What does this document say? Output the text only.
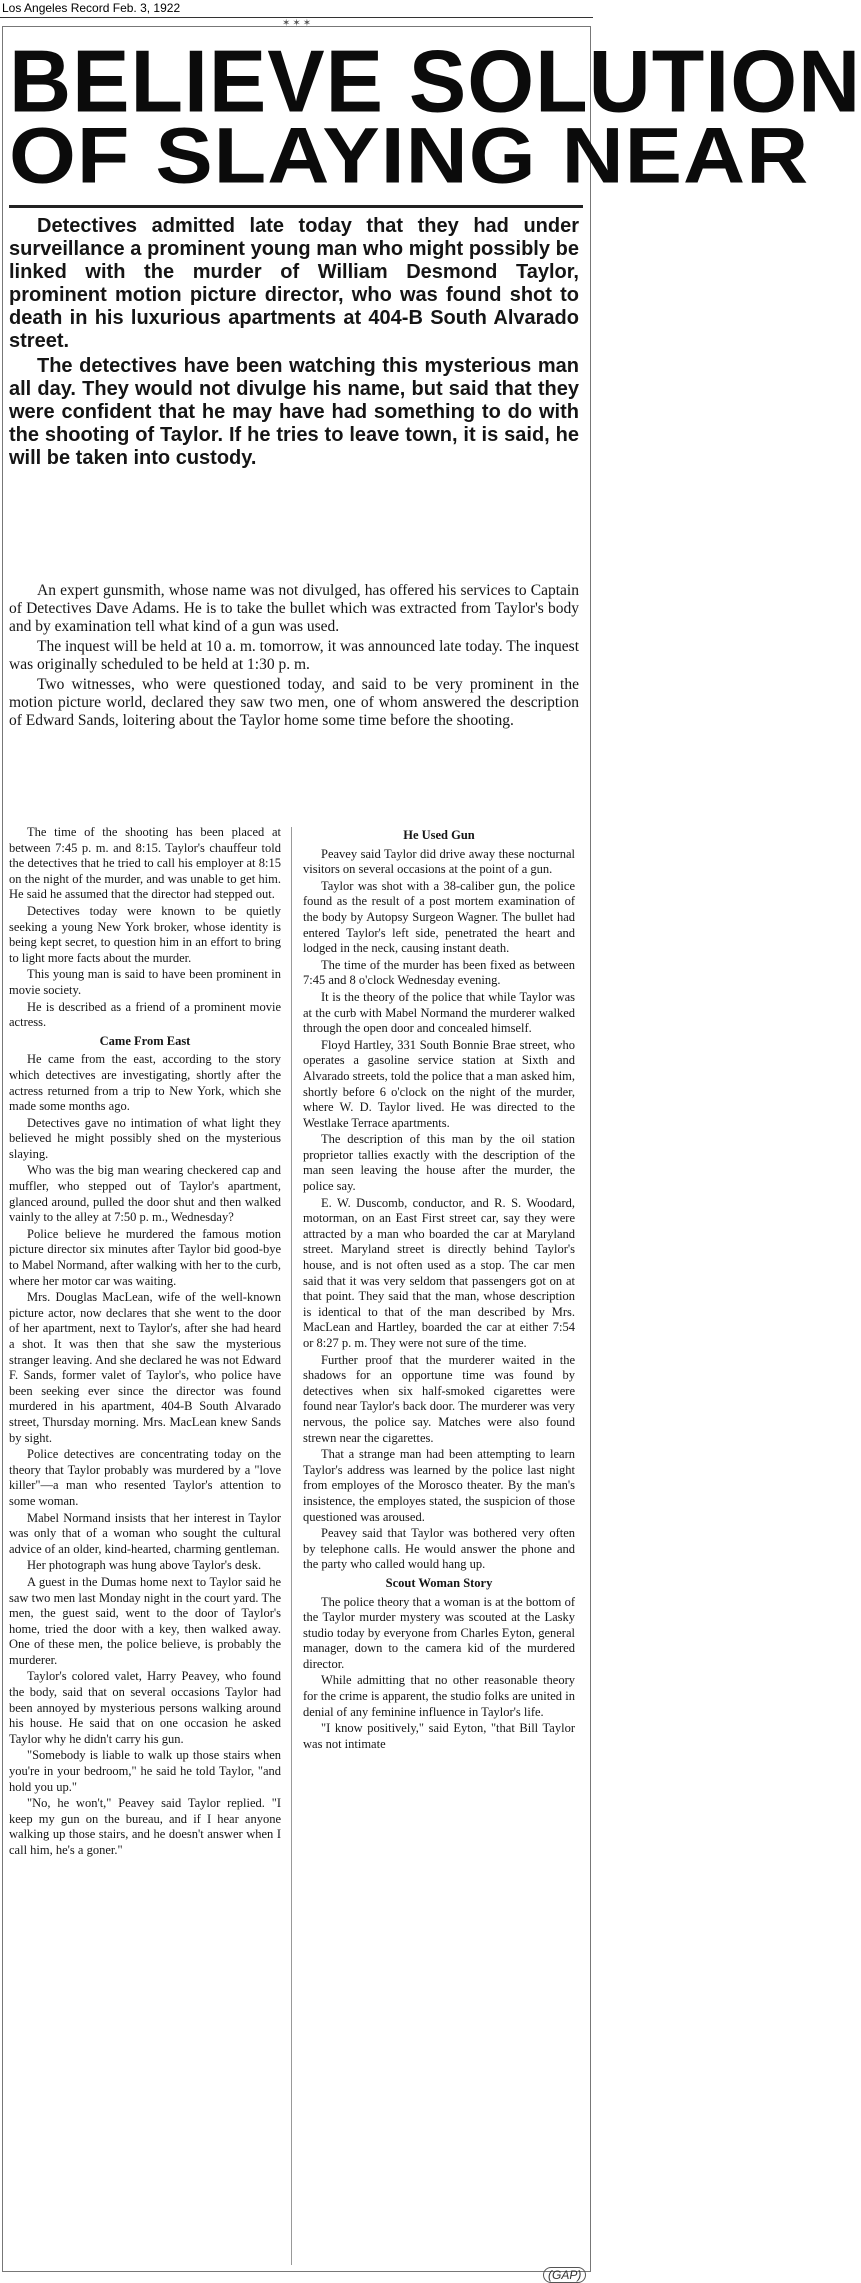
Los Angeles Record Feb. 3, 1922
✶✶✶
BELIEVE SOLUTION
OF SLAYING NEAR

Detectives admitted late today that they had under surveillance a prominent young man who might possibly be linked with the murder of William Desmond Taylor, prominent motion picture director, who was found shot to death in his luxurious apartments at 404-B South Alvarado street.

The detectives have been watching this mysterious man all day. They would not divulge his name, but said that they were confident that he may have had something to do with the shooting of Taylor. If he tries to leave town, it is said, he will be taken into custody.

An expert gunsmith, whose name was not divulged, has offered his services to Captain of Detectives Dave Adams. He is to take the bullet which was extracted from Taylor's body and by examination tell what kind of a gun was used.

The inquest will be held at 10 a. m. tomorrow, it was announced late today. The inquest was originally scheduled to be held at 1:30 p. m.

Two witnesses, who were questioned today, and said to be very prominent in the motion picture world, declared they saw two men, one of whom answered the description of Edward Sands, loitering about the Taylor home some time before the shooting.

The time of the shooting has been placed at between 7:45 p. m. and 8:15. Taylor's chauffeur told the detectives that he tried to call his employer at 8:15 on the night of the murder, and was unable to get him. He said he assumed that the director had stepped out.

Detectives today were known to be quietly seeking a young New York broker, whose identity is being kept secret, to question him in an effort to bring to light more facts about the murder.

This young man is said to have been prominent in movie society.

He is described as a friend of a prominent movie actress.

Came From East

He came from the east, according to the story which detectives are investigating, shortly after the actress returned from a trip to New York, which she made some months ago.

Detectives gave no intimation of what light they believed he might possibly shed on the mysterious slaying.

Who was the big man wearing checkered cap and muffler, who stepped out of Taylor's apartment, glanced around, pulled the door shut and then walked vainly to the alley at 7:50 p. m., Wednesday?

Police believe he murdered the famous motion picture director six minutes after Taylor bid good-bye to Mabel Normand, after walking with her to the curb, where her motor car was waiting.

Mrs. Douglas MacLean, wife of the well-known picture actor, now declares that she went to the door of her apartment, next to Taylor's, after she had heard a shot. It was then that she saw the mysterious stranger leaving. And she declared he was not Edward F. Sands, former valet of Taylor's, who police have been seeking ever since the director was found murdered in his apartment, 404-B South Alvarado street, Thursday morning. Mrs. MacLean knew Sands by sight.

Police detectives are concentrating today on the theory that Taylor probably was murdered by a "love killer"—a man who resented Taylor's attention to some woman.

Mabel Normand insists that her interest in Taylor was only that of a woman who sought the cultural advice of an older, kind-hearted, charming gentleman.

Her photograph was hung above Taylor's desk.

A guest in the Dumas home next to Taylor said he saw two men last Monday night in the court yard. The men, the guest said, went to the door of Taylor's home, tried the door with a key, then walked away. One of these men, the police believe, is probably the murderer.

Taylor's colored valet, Harry Peavey, who found the body, said that on several occasions Taylor had been annoyed by mysterious persons walking around his house. He said that on one occasion he asked Taylor why he didn't carry his gun.

"Somebody is liable to walk up those stairs when you're in your bedroom," he said he told Taylor, "and hold you up."

"No, he won't," Peavey said Taylor replied. "I keep my gun on the bureau, and if I hear anyone walking up those stairs, and he doesn't answer when I call him, he's a goner."

He Used Gun

Peavey said Taylor did drive away these nocturnal visitors on several occasions at the point of a gun.

Taylor was shot with a 38-caliber gun, the police found as the result of a post mortem examination of the body by Autopsy Surgeon Wagner. The bullet had entered Taylor's left side, penetrated the heart and lodged in the neck, causing instant death.

The time of the murder has been fixed as between 7:45 and 8 o'clock Wednesday evening.

It is the theory of the police that while Taylor was at the curb with Mabel Normand the murderer walked through the open door and concealed himself.

Floyd Hartley, 331 South Bonnie Brae street, who operates a gasoline service station at Sixth and Alvarado streets, told the police that a man asked him, shortly before 6 o'clock on the night of the murder, where W. D. Taylor lived. He was directed to the Westlake Terrace apartments.

The description of this man by the oil station proprietor tallies exactly with the description of the man seen leaving the house after the murder, the police say.

E. W. Duscomb, conductor, and R. S. Woodard, motorman, on an East First street car, say they were attracted by a man who boarded the car at Maryland street. Maryland street is directly behind Taylor's house, and is not often used as a stop. The car men said that it was very seldom that passengers got on at that point. They said that the man, whose description is identical to that of the man described by Mrs. MacLean and Hartley, boarded the car at either 7:54 or 8:27 p. m. They were not sure of the time.

Further proof that the murderer waited in the shadows for an opportune time was found by detectives when six half-smoked cigarettes were found near Taylor's back door. The murderer was very nervous, the police say. Matches were also found strewn near the cigarettes.

That a strange man had been attempting to learn Taylor's address was learned by the police last night from employes of the Morosco theater. By the man's insistence, the employes stated, the suspicion of those questioned was aroused.

Peavey said that Taylor was bothered very often by telephone calls. He would answer the phone and the party who called would hang up.

Scout Woman Story

The police theory that a woman is at the bottom of the Taylor murder mystery was scouted at the Lasky studio today by everyone from Charles Eyton, general manager, down to the camera kid of the murdered director.

While admitting that no other reasonable theory for the crime is apparent, the studio folks are united in denial of any feminine influence in Taylor's life.

"I know positively," said Eyton, "that Bill Taylor was not intimate

(GAP)
